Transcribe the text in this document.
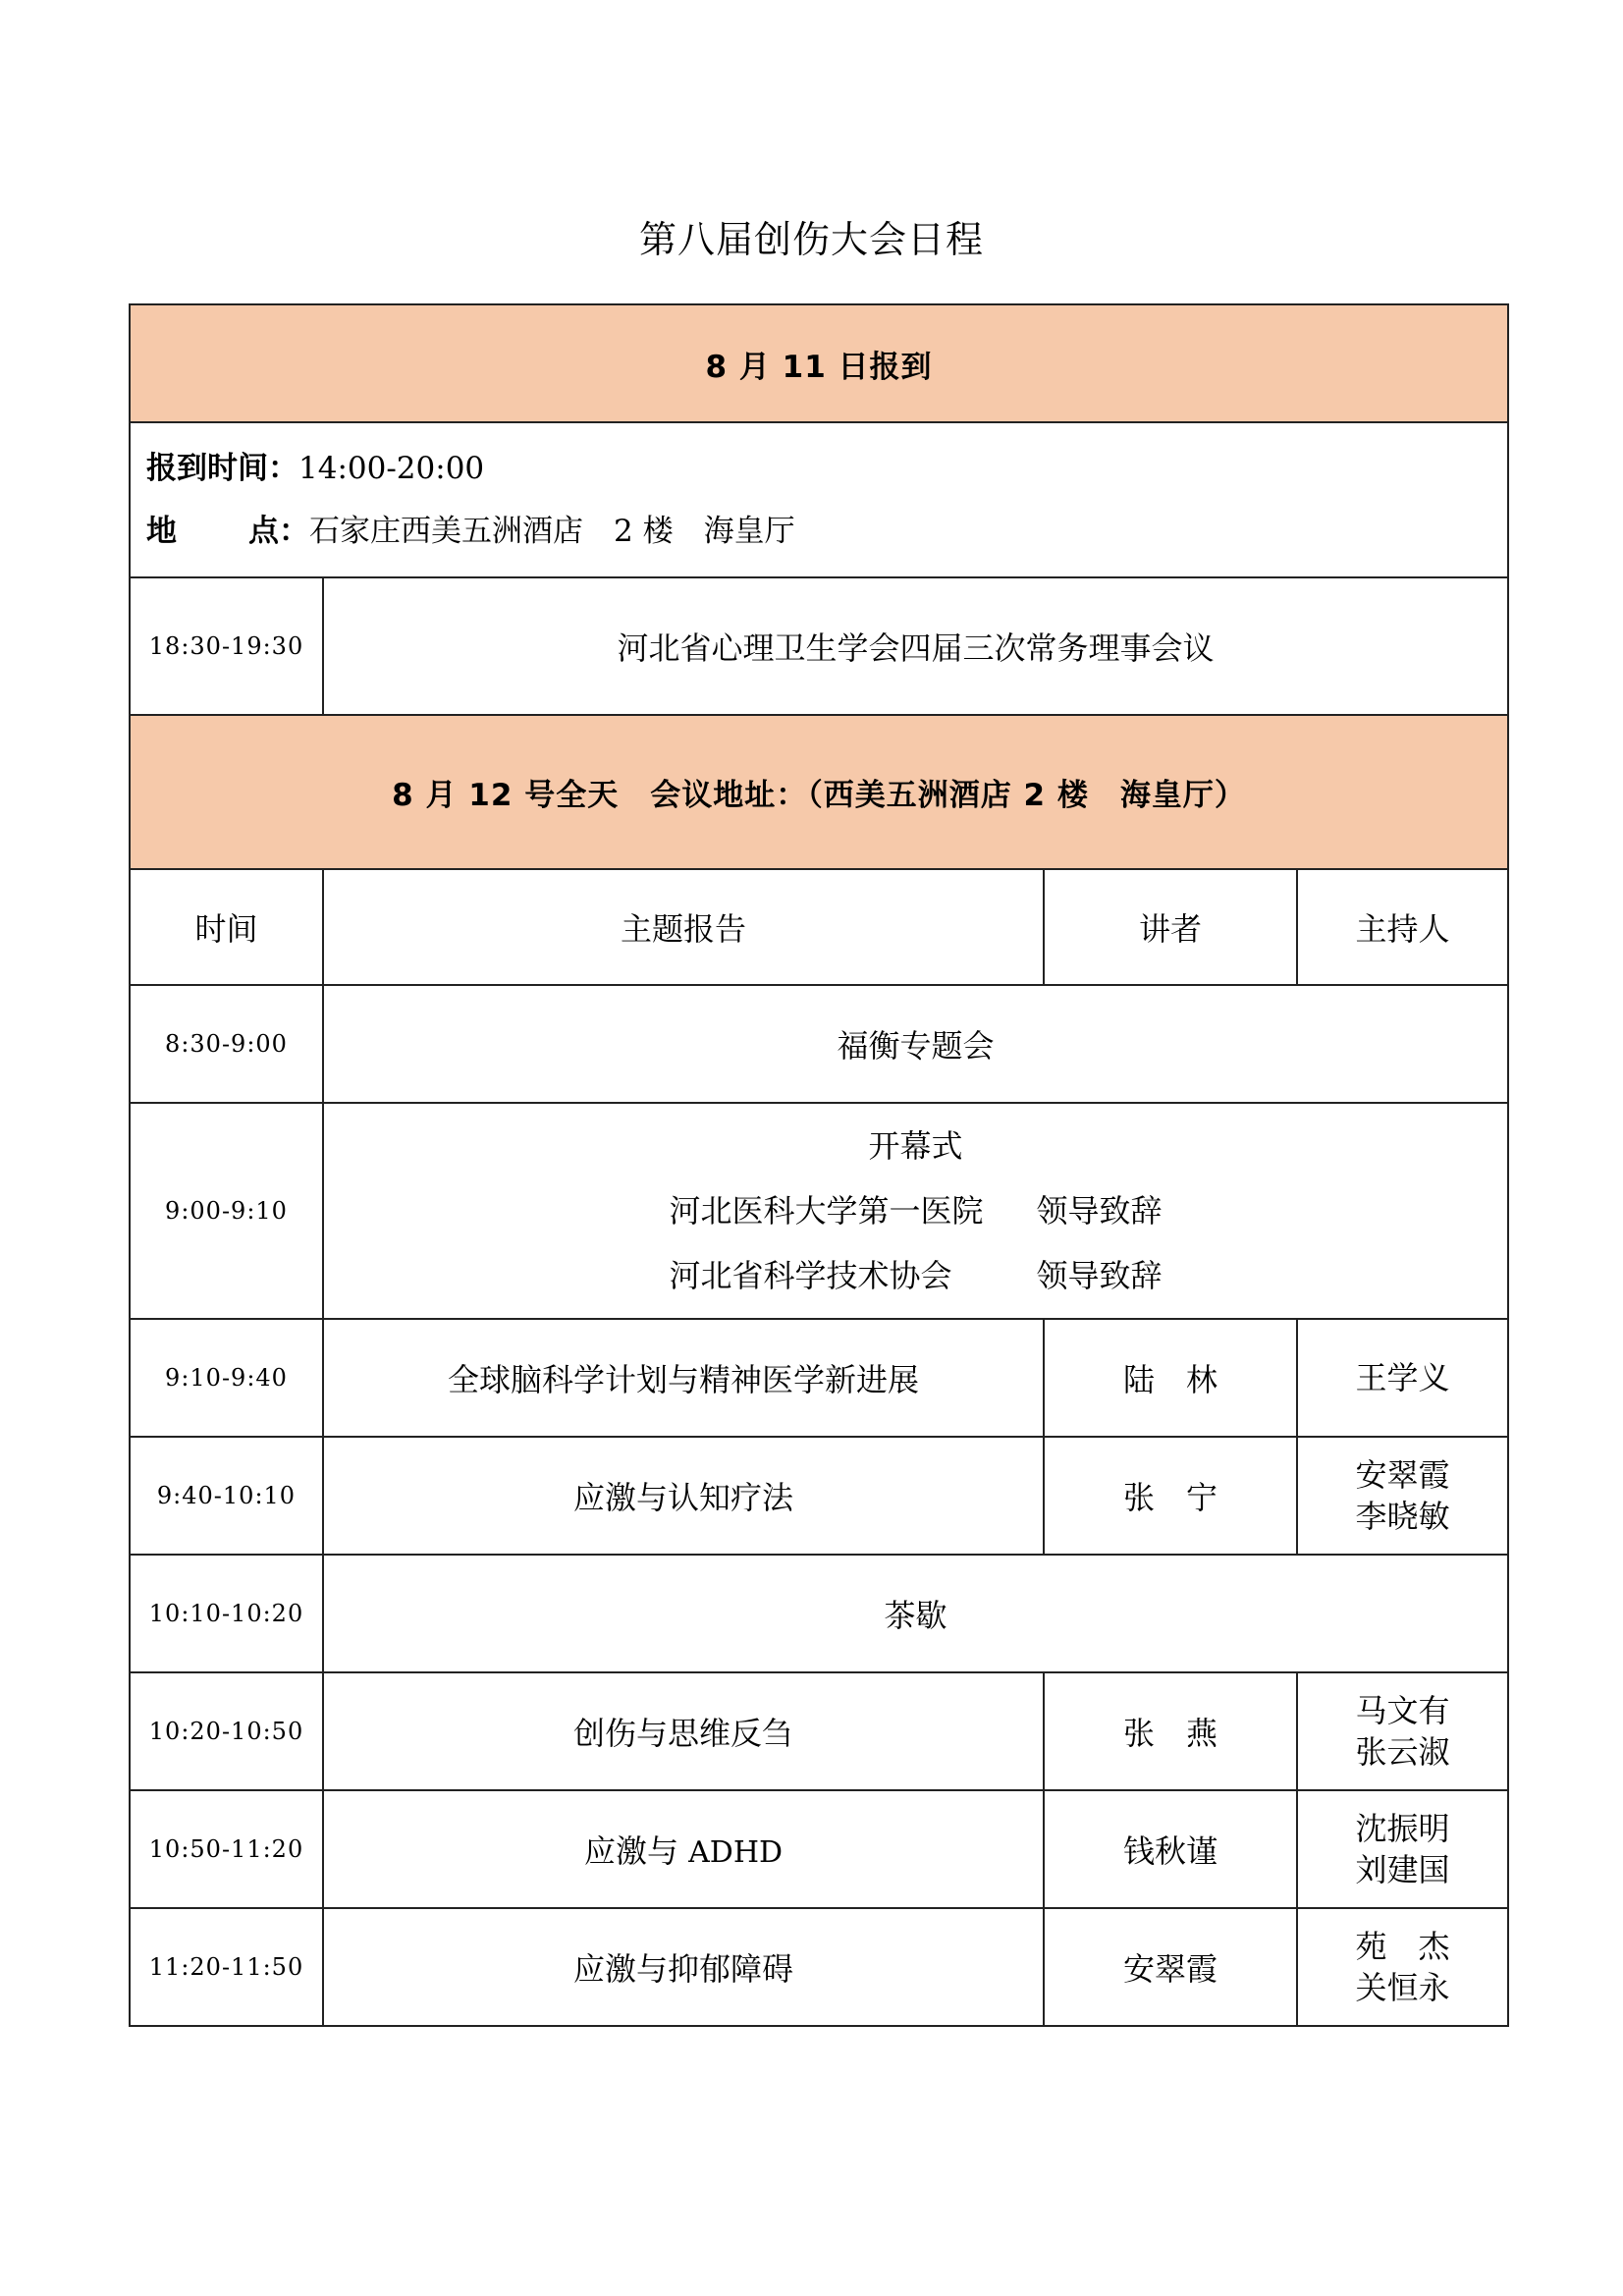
第八届创伤大会日程
8 月 11 日报到			

报到时间：14:00-20:00
地 点： 石家庄西美五洲酒店　2 楼　海皇厅			

18:30-19:30	河北省心理卫生学会四届三次常务理事会议		
8 月 12 号全天　会议地址：（西美五洲酒店 2 楼　海皇厅）			
时间	主题报告	讲者	主持人
8:30-9:00	福衡专题会		
9:00-9:10	开幕式
河北医科大学第一医院 领导致辞
河北省科学技术协会 领导致辞		

9:10-9:40	全球脑科学计划与精神医学新进展	陆　林	王学义

9:40-10:10	应激与认知疗法	张　宁	安翠霞
李晓敏

10:10-10:20	茶歇		
10:20-10:50	创伤与思维反刍	张　燕	马文有
张云淑

10:50-11:20	应激与 ADHD	钱秋谨	沈振明
刘建国

11:20-11:50	应激与抑郁障碍	安翠霞	苑　杰
关恒永
